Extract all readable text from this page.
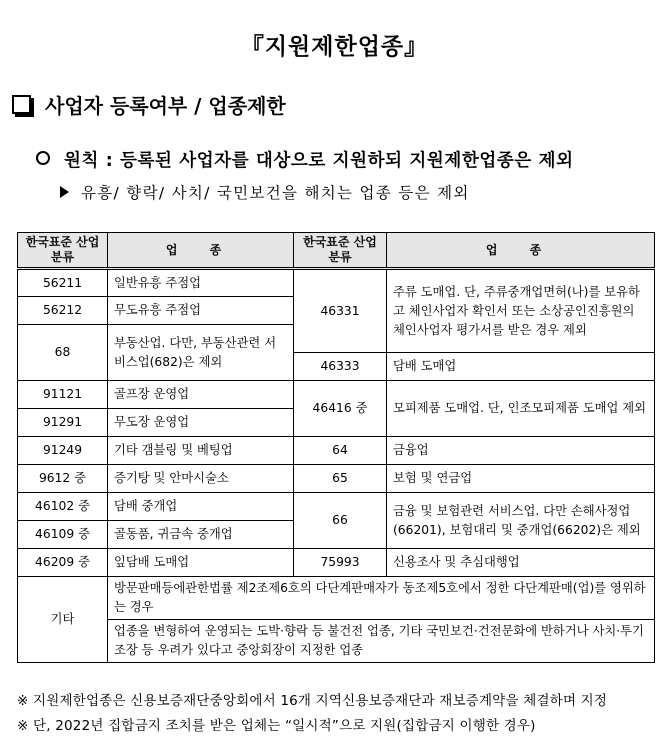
『지원제한업종』
사업자 등록여부 / 업종제한
원칙 : 등록된 사업자를 대상으로 지원하되 지원제한업종은 제외
유흥/ 향락/ 사치/ 국민보건을 해치는 업종 등은 제외
한국표준 산업분류	업 종	한국표준 산업분류	업 종
56211	일반유흥 주점업	46331	주류 도매업. 단, 주류중개업면허(나)를 보유하고 체인사업자 확인서 또는 소상공인진흥원의 체인사업자 평가서를 받은 경우 제외
56212	무도유흥 주점업		
68	부동산업. 다만, 부동산관련 서비스업(682)은 제외		
		46333	담배 도매업
91121	골프장 운영업	46416 중	모피제품 도매업. 단, 인조모피제품 도매업 제외
91291	무도장 운영업		
91249	기타 갬블링 및 베팅업	64	금융업
9612 중	증기탕 및 안마시술소	65	보험 및 연금업
46102 중	담배 중개업	66	금융 및 보험관련 서비스업. 다만 손해사정업(66201), 보험대리 및 중개업(66202)은 제외
46109 중	골동품, 귀금속 중개업		
46209 중	잎담배 도매업	75993	신용조사 및 추심대행업
기타	방문판매등에관한법률 제2조제6호의 다단계판매자가 동조제5호에서 정한 다단계판매(업)를 영위하는 경우		
	업종을 변형하여 운영되는 도박·향락 등 불건전 업종, 기타 국민보건·건전문화에 반하거나 사치·투기조장 등 우려가 있다고 중앙회장이 지정한 업종		
※ 지원제한업종은 신용보증재단중앙회에서 16개 지역신용보증재단과 재보증계약을 체결하며 지정
※ 단, 2022년 집합금지 조치를 받은 업체는 “일시적”으로 지원(집합금지 이행한 경우)
